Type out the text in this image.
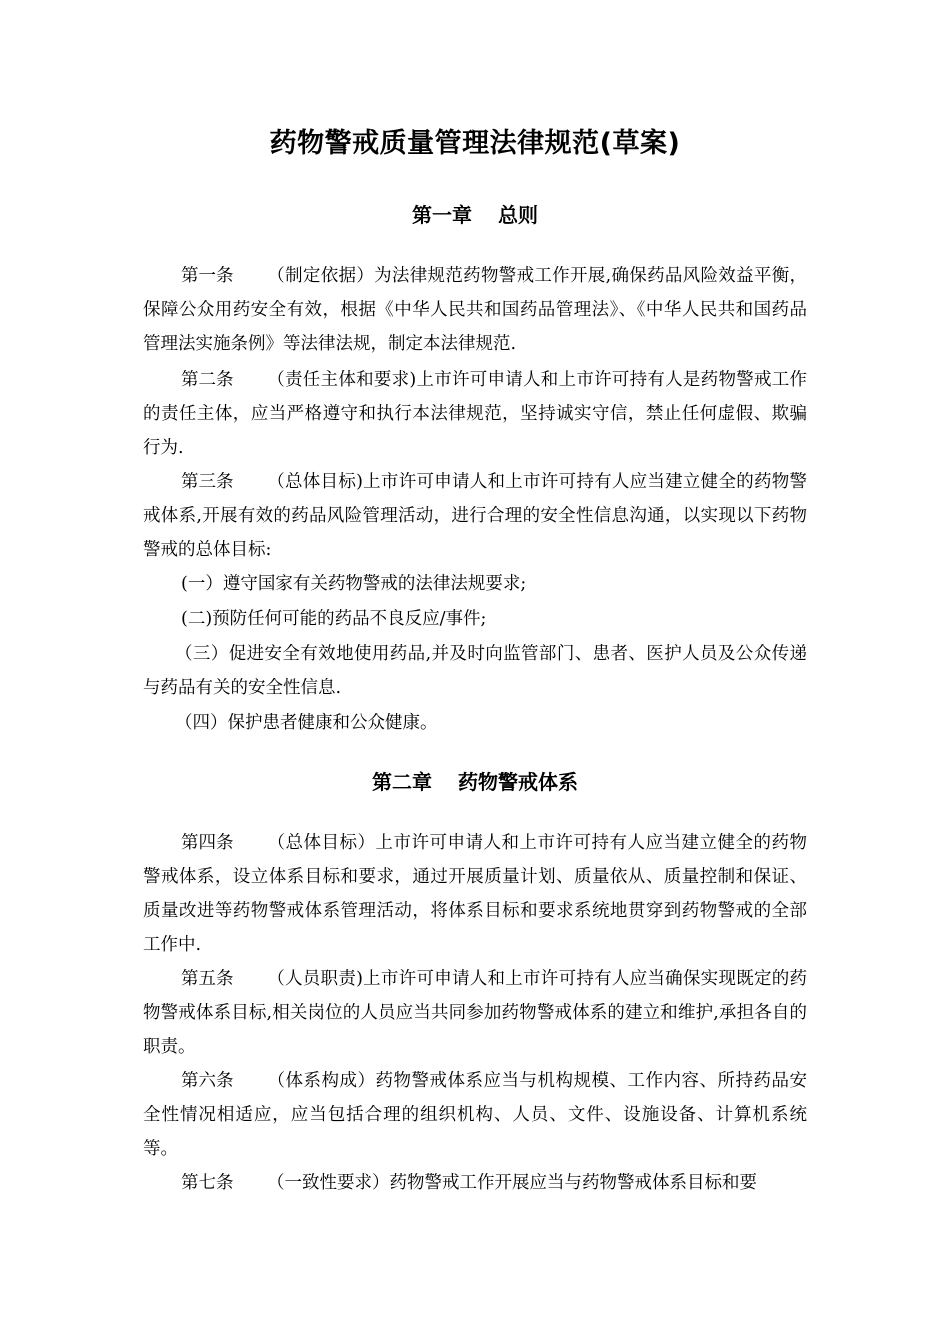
药物警戒质量管理法律规范(草案)
第一章 总则

第一条 （制定依据）为法律规范药物警戒工作开展,确保药品风险效益平衡，保障公众用药安全有效，根据《中华人民共和国药品管理法》、《中华人民共和国药品管理法实施条例》等法律法规，制定本法律规范.

第二条 （责任主体和要求)上市许可申请人和上市许可持有人是药物警戒工作的责任主体，应当严格遵守和执行本法律规范，坚持诚实守信，禁止任何虚假、欺骗行为.

第三条 （总体目标)上市许可申请人和上市许可持有人应当建立健全的药物警戒体系,开展有效的药品风险管理活动，进行合理的安全性信息沟通，以实现以下药物警戒的总体目标:

(一）遵守国家有关药物警戒的法律法规要求;

(二)预防任何可能的药品不良反应/事件;

（三）促进安全有效地使用药品,并及时向监管部门、患者、医护人员及公众传递与药品有关的安全性信息.

（四）保护患者健康和公众健康。

第二章 药物警戒体系

第四条 （总体目标）上市许可申请人和上市许可持有人应当建立健全的药物警戒体系，设立体系目标和要求，通过开展质量计划、质量依从、质量控制和保证、质量改进等药物警戒体系管理活动，将体系目标和要求系统地贯穿到药物警戒的全部工作中.

第五条 （人员职责)上市许可申请人和上市许可持有人应当确保实现既定的药物警戒体系目标,相关岗位的人员应当共同参加药物警戒体系的建立和维护,承担各自的职责。

第六条 （体系构成）药物警戒体系应当与机构规模、工作内容、所持药品安全性情况相适应，应当包括合理的组织机构、人员、文件、设施设备、计算机系统等。

第七条 （一致性要求）药物警戒工作开展应当与药物警戒体系目标和要
